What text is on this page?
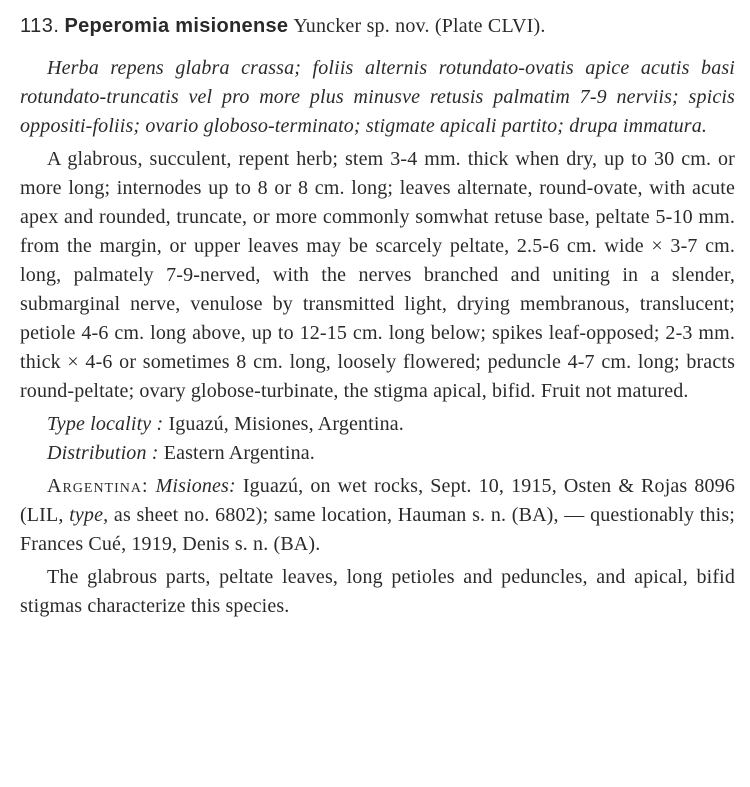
113. Peperomia misionense Yuncker sp. nov. (Plate CLVI).

Herba repens glabra crassa; foliis alternis rotundato-ovatis apice acutis basi rotundato-truncatis vel pro more plus minusve retusis palmatim 7-9 nerviis; spicis oppositi-foliis; ovario globoso-terminato; stigmate apicali partito; drupa immatura.

A glabrous, succulent, repent herb; stem 3-4 mm. thick when dry, up to 30 cm. or more long; internodes up to 8 or 8 cm. long; leaves alternate, round-ovate, with acute apex and rounded, truncate, or more commonly somwhat retuse base, peltate 5-10 mm. from the margin, or upper leaves may be scarcely peltate, 2.5-6 cm. wide × 3-7 cm. long, palmately 7-9-nerved, with the nerves branched and uniting in a slender, submarginal nerve, venulose by transmitted light, drying membranous, translucent; petiole 4-6 cm. long above, up to 12-15 cm. long below; spikes leaf-opposed; 2-3 mm. thick × 4-6 or sometimes 8 cm. long, loosely flowered; peduncle 4-7 cm. long; bracts round-peltate; ovary globose-turbinate, the stigma apical, bifid. Fruit not matured.

Type locality : Iguazú, Misiones, Argentina.

Distribution : Eastern Argentina.

Argentina: Misiones: Iguazú, on wet rocks, Sept. 10, 1915, Osten & Rojas 8096 (LIL, type, as sheet no. 6802); same location, Hauman s. n. (BA), — questionably this; Frances Cué, 1919, Denis s. n. (BA).

The glabrous parts, peltate leaves, long petioles and peduncles, and apical, bifid stigmas characterize this species.
